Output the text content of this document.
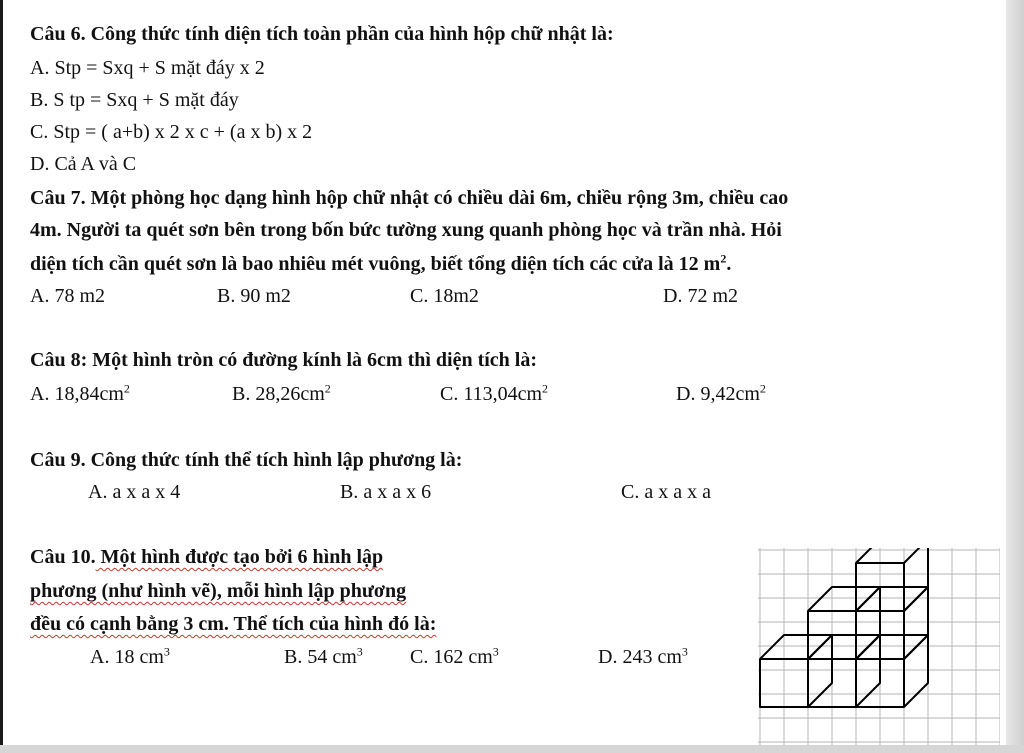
Câu 6. Công thức tính diện tích toàn phần của hình hộp chữ nhật là:
A. Stp = Sxq + S mặt đáy x 2
B. S tp = Sxq + S mặt đáy
C. Stp = ( a+b) x 2 x c + (a x b) x 2
D. Cả A và C
Câu 7. Một phòng học dạng hình hộp chữ nhật có chiều dài 6m, chiều rộng 3m, chiều cao
4m. Người ta quét sơn bên trong bốn bức tường xung quanh phòng học và trần nhà. Hỏi
diện tích cần quét sơn là bao nhiêu mét vuông, biết tổng diện tích các cửa là 12 $m^2$.
A. 78 m2	B. 90 m2	C. 18m2	D. 72 m2
Câu 8: Một hình tròn có đường kính là 6cm thì diện tích là:
A. $18,84cm^2$	B. $28,26cm^2$	C. $113,04cm^2$	D. $9,42cm^2$
Câu 9. Công thức tính thể tích hình lập phương là:
A. a x a x 4	B. a x a x 6	C. a x a x a
Câu 10. Một hình được tạo bởi 6 hình lập
phương (như hình vẽ), mỗi hình lập phương
đều có cạnh bằng 3 cm. Thể tích của hình đó là:
A. 18 $cm^3$	B. 54 $cm^3$ C. 162 $cm^3$	D. 243 $cm^3$
